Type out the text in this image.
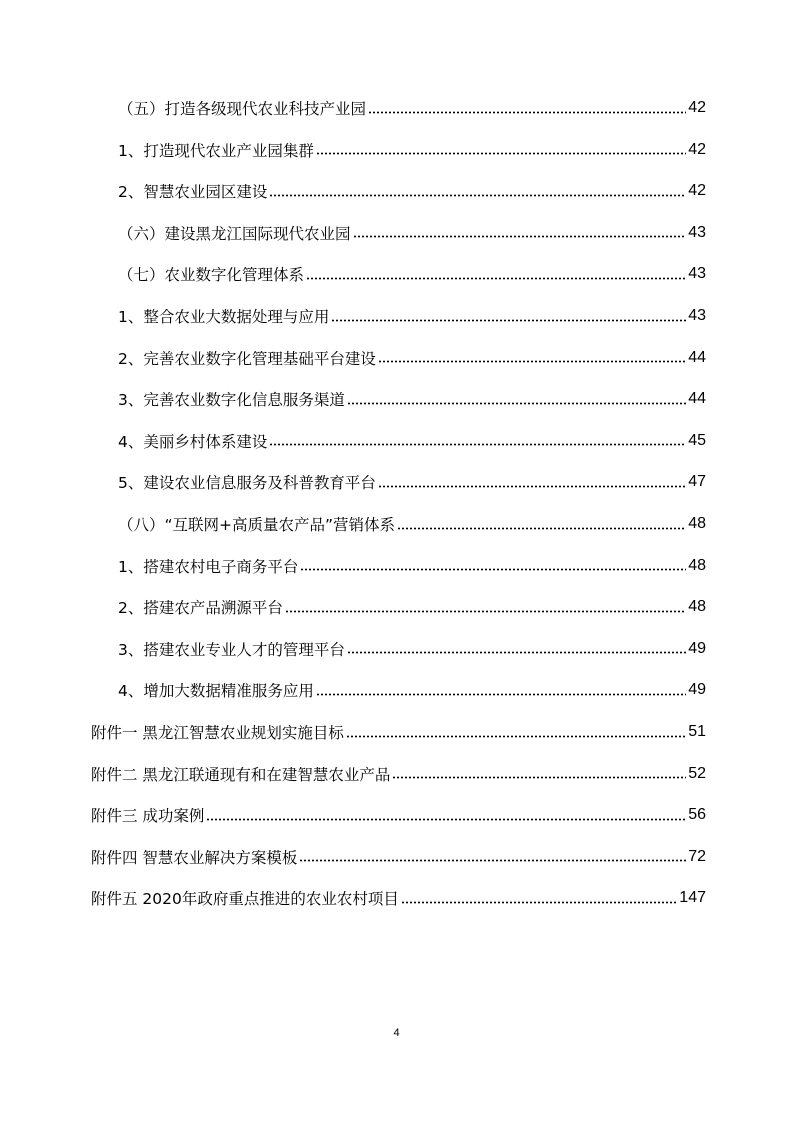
（五）打造各级现代农业科技产业园	42
1、打造现代农业产业园集群	42
2、智慧农业园区建设	42
（六）建设黑龙江国际现代农业园	43
（七）农业数字化管理体系	43
1、整合农业大数据处理与应用	43
2、完善农业数字化管理基础平台建设	44
3、完善农业数字化信息服务渠道	44
4、美丽乡村体系建设	45
5、建设农业信息服务及科普教育平台	47
（八）“互联网+高质量农产品”营销体系	48
1、搭建农村电子商务平台	48
2、搭建农产品溯源平台	48
3、搭建农业专业人才的管理平台	49
4、增加大数据精准服务应用	49
附件一 黑龙江智慧农业规划实施目标	51
附件二 黑龙江联通现有和在建智慧农业产品	52
附件三 成功案例	56
附件四 智慧农业解决方案模板	72
附件五 2020年政府重点推进的农业农村项目	147
4
